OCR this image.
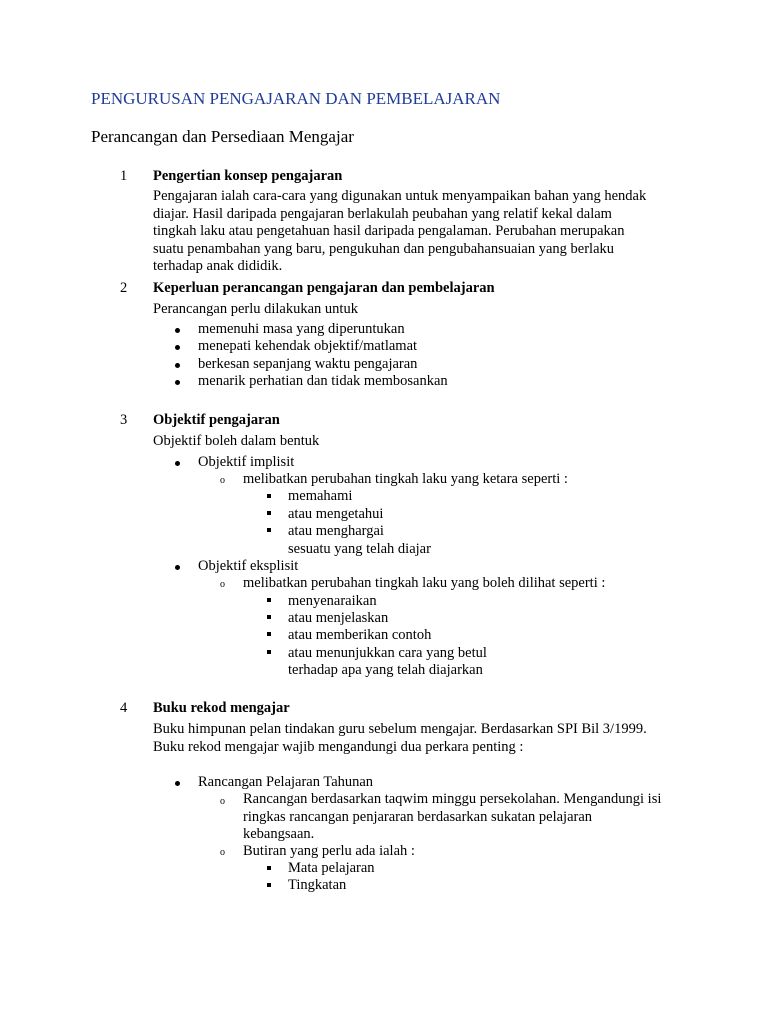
PENGURUSAN PENGAJARAN DAN PEMBELAJARAN
Perancangan dan Persediaan Mengajar
1 Pengertian konsep pengajaran
Pengajaran ialah cara-cara yang digunakan untuk menyampaikan bahan yang hendak
diajar. Hasil daripada pengajaran berlakulah peubahan yang relatif kekal dalam
tingkah laku atau pengetahuan hasil daripada pengalaman. Perubahan merupakan
suatu penambahan yang baru, pengukuhan dan pengubahansuaian yang berlaku
terhadap anak dididik.
2 Keperluan perancangan pengajaran dan pembelajaran
Perancangan perlu dilakukan untuk
memenuhi masa yang diperuntukan
menepati kehendak objektif/matlamat
berkesan sepanjang waktu pengajaran
menarik perhatian dan tidak membosankan
3 Objektif pengajaran
Objektif boleh dalam bentuk
Objektif implisit
o melibatkan perubahan tingkah laku yang ketara seperti :
memahami
atau mengetahui
atau menghargai
sesuatu yang telah diajar
Objektif eksplisit
o melibatkan perubahan tingkah laku yang boleh dilihat seperti :
menyenaraikan
atau menjelaskan
atau memberikan contoh
atau menunjukkan cara yang betul
terhadap apa yang telah diajarkan
4 Buku rekod mengajar
Buku himpunan pelan tindakan guru sebelum mengajar. Berdasarkan SPI Bil 3/1999.
Buku rekod mengajar wajib mengandungi dua perkara penting :
Rancangan Pelajaran Tahunan
o Rancangan berdasarkan taqwim minggu persekolahan. Mengandungi isi
ringkas rancangan penjararan berdasarkan sukatan pelajaran
kebangsaan.
o Butiran yang perlu ada ialah :
Mata pelajaran
Tingkatan
